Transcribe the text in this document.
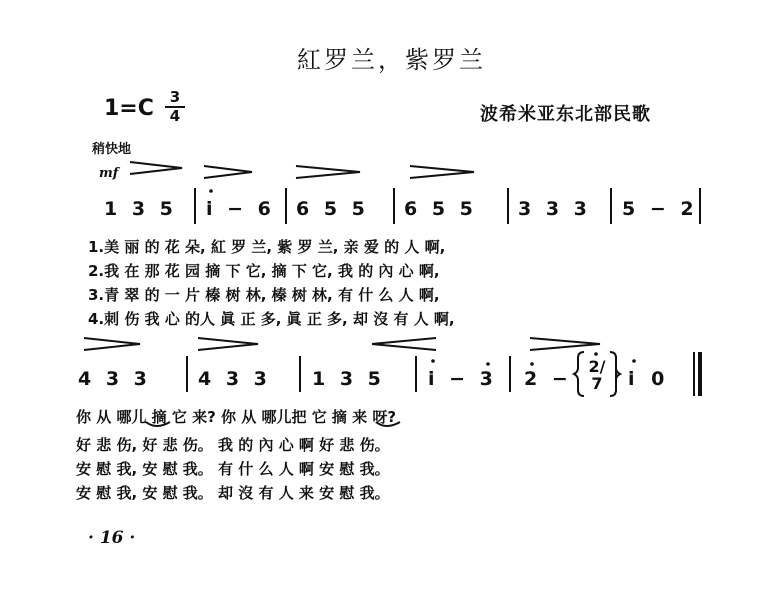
紅罗兰，紫罗兰
1=C	3
4	波希米亚东北部民歌
稍快地
mf
1 3 5 i − 6 6 5 5 6 5 5 3 3 3 5 − 2
1.美 丽 的 花 朵, 紅 罗 兰, 紫 罗 兰, 亲 爱 的 人 啊,
2.我 在 那 花 园 摘 下 它, 摘 下 它, 我 的 內 心 啊,
3.青 翠 的 一 片 榛 树 林, 榛 树 林, 有 什 么 人 啊,
4.刺 伤 我 心 的人 眞 正 多, 眞 正 多, 却 沒 有 人 啊,
4 3 3	4 3 3 1 3 5 i − 3 2 −
2/7 i 0
你 从 哪儿 摘 它 来? 你 从 哪儿把 它 摘 来 呀?
好 悲 伤, 好 悲 伤。 我 的 內 心 啊 好 悲 伤。
安 慰 我, 安 慰 我。 有 什 么 人 啊 安 慰 我。
安 慰 我, 安 慰 我。 却 沒 有 人 来 安 慰 我。
· 16 ·
